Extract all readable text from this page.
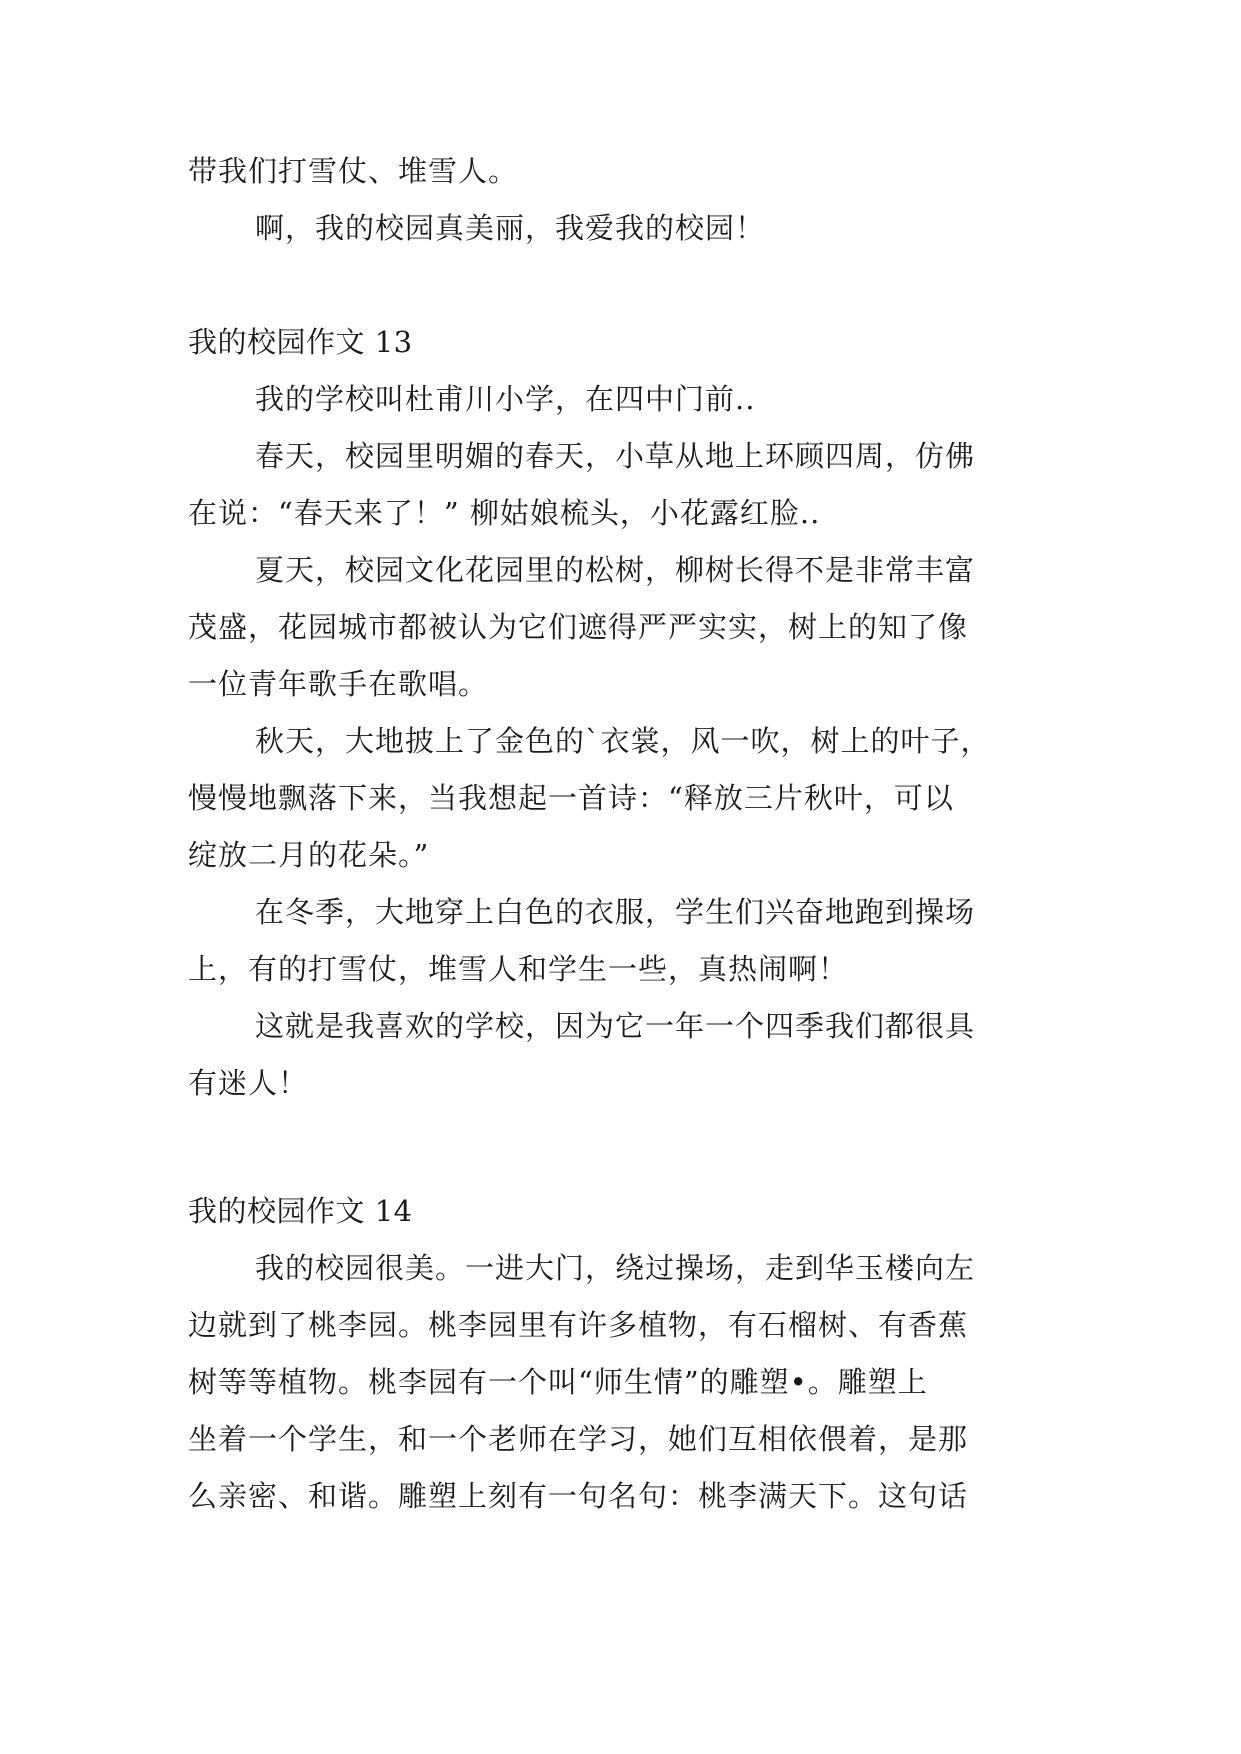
带我们打雪仗、堆雪人。
啊，我的校园真美丽，我爱我的校园！
我的校园作文 13
我的学校叫杜甫川小学，在四中门前..
春天，校园里明媚的春天，小草从地上环顾四周，仿佛
在说：“春天来了！” 柳姑娘梳头，小花露红脸..
夏天，校园文化花园里的松树，柳树长得不是非常丰富
茂盛，花园城市都被认为它们遮得严严实实，树上的知了像
一位青年歌手在歌唱。
秋天，大地披上了金色的`衣裳，风一吹，树上的叶子，
慢慢地飘落下来，当我想起一首诗：“释放三片秋叶，可以
绽放二月的花朵。”
在冬季，大地穿上白色的衣服，学生们兴奋地跑到操场
上，有的打雪仗，堆雪人和学生一些，真热闹啊！
这就是我喜欢的学校，因为它一年一个四季我们都很具
有迷人！
我的校园作文 14
我的校园很美。一进大门，绕过操场，走到华玉楼向左
边就到了桃李园。桃李园里有许多植物，有石榴树、有香蕉
树等等植物。桃李园有一个叫“师生情”的雕塑•。雕塑上
坐着一个学生，和一个老师在学习，她们互相依偎着，是那
么亲密、和谐。雕塑上刻有一句名句：桃李满天下。这句话
